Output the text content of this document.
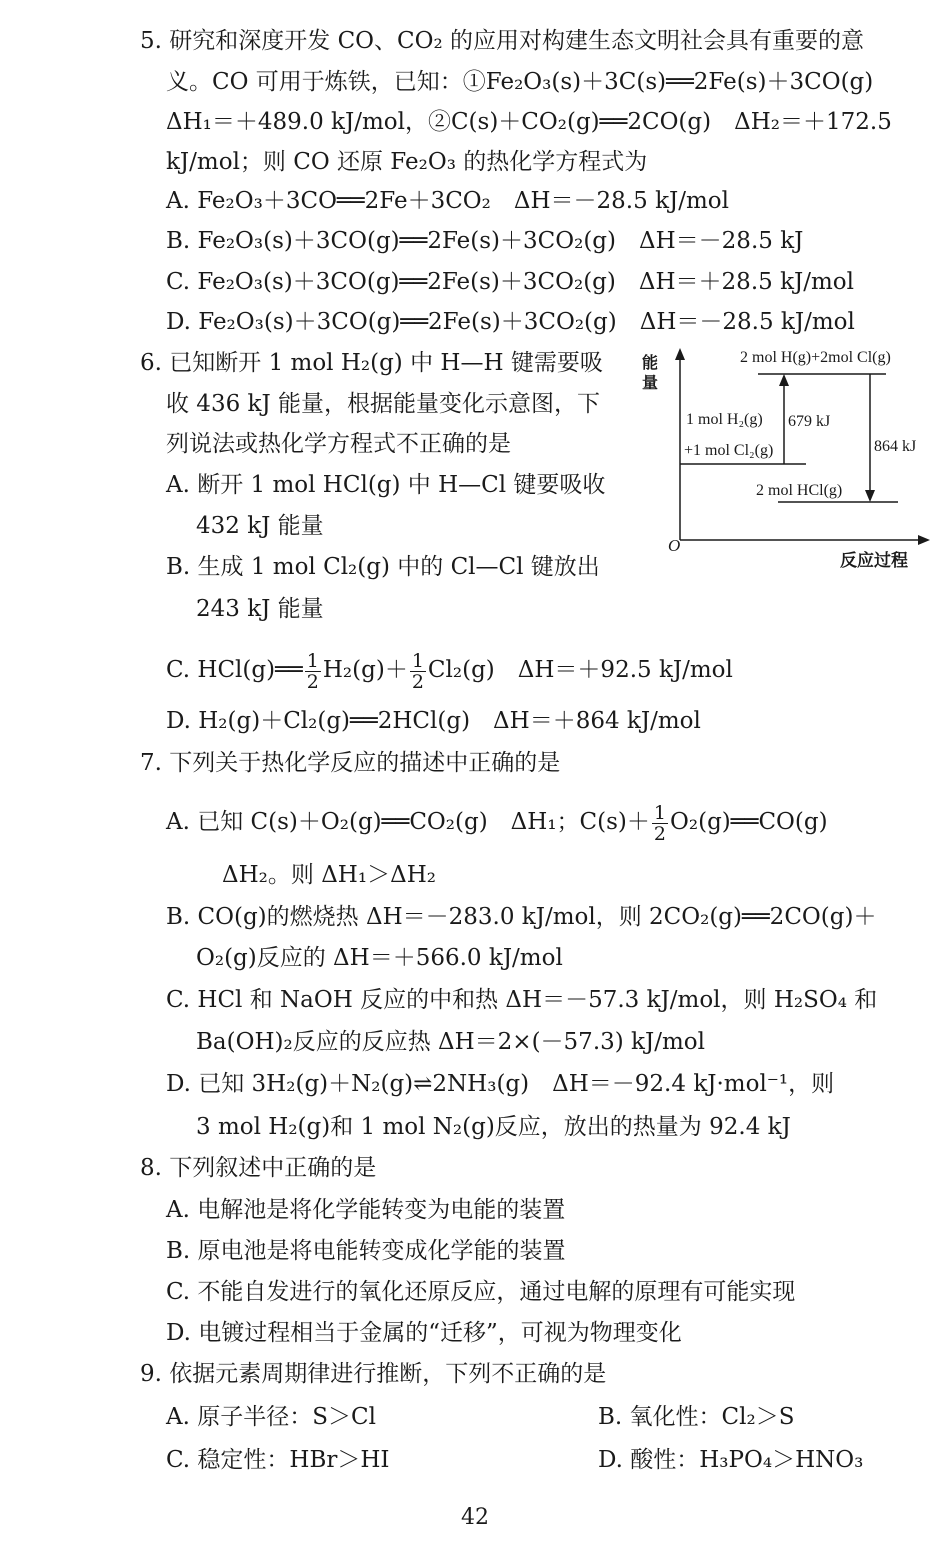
5. 研究和深度开发 CO、CO₂ 的应用对构建生态文明社会具有重要的意
义。CO 可用于炼铁，已知：①Fe₂O₃(s)＋3C(s)══2Fe(s)＋3CO(g)
ΔH₁＝＋489.0 kJ/mol，②C(s)＋CO₂(g)══2CO(g)　ΔH₂＝＋172.5
kJ/mol；则 CO 还原 Fe₂O₃ 的热化学方程式为
A. Fe₂O₃＋3CO══2Fe＋3CO₂　ΔH＝－28.5 kJ/mol
B. Fe₂O₃(s)＋3CO(g)══2Fe(s)＋3CO₂(g)　ΔH＝－28.5 kJ
C. Fe₂O₃(s)＋3CO(g)══2Fe(s)＋3CO₂(g)　ΔH＝＋28.5 kJ/mol
D. Fe₂O₃(s)＋3CO(g)══2Fe(s)＋3CO₂(g)　ΔH＝－28.5 kJ/mol
6. 已知断开 1 mol H₂(g) 中 H—H 键需要吸
收 436 kJ 能量，根据能量变化示意图，下
列说法或热化学方程式不正确的是
A. 断开 1 mol HCl(g) 中 H—Cl 键要吸收
432 kJ 能量
B. 生成 1 mol Cl₂(g) 中的 Cl—Cl 键放出
243 kJ 能量
C. HCl(g)══ $\frac{1}{2} H_2(g)+ \frac{1}{2} Cl_2(g)$　ΔH＝＋92.5 kJ/mol
D. H₂(g)＋Cl₂(g)══2HCl(g)　ΔH＝＋864 kJ/mol
能
量
O
反应过程
2 mol H(g)+2mol Cl(g)
1 mol H₂(g)
+1 mol Cl₂(g)
2 mol HCl(g)
679 kJ
864 kJ
7. 下列关于热化学反应的描述中正确的是
A. 已知 C(s)＋O₂(g)══CO₂(g)　ΔH₁；$C(s)+ \frac{1}{2}$ O₂(g)══CO(g)
ΔH₂。则 ΔH₁＞ΔH₂
B. CO(g)的燃烧热 ΔH＝－283.0 kJ/mol，则 2CO₂(g)══2CO(g)＋
O₂(g)反应的 ΔH＝＋566.0 kJ/mol
C. HCl 和 NaOH 反应的中和热 ΔH＝－57.3 kJ/mol，则 H₂SO₄ 和
Ba(OH)₂反应的反应热 ΔH＝2×(－57.3) kJ/mol
D. 已知 3H₂(g)＋N₂(g)⇌2NH₃(g)　ΔH＝－92.4 kJ·mol⁻¹，则
3 mol H₂(g)和 1 mol N₂(g)反应，放出的热量为 92.4 kJ
8. 下列叙述中正确的是
A. 电解池是将化学能转变为电能的装置
B. 原电池是将电能转变成化学能的装置
C. 不能自发进行的氧化还原反应，通过电解的原理有可能实现
D. 电镀过程相当于金属的“迁移”，可视为物理变化
9. 依据元素周期律进行推断，下列不正确的是
A. 原子半径：S＞Cl	B. 氧化性：Cl₂＞S
C. 稳定性：HBr＞HI	D. 酸性：H₃PO₄＞HNO₃
42
